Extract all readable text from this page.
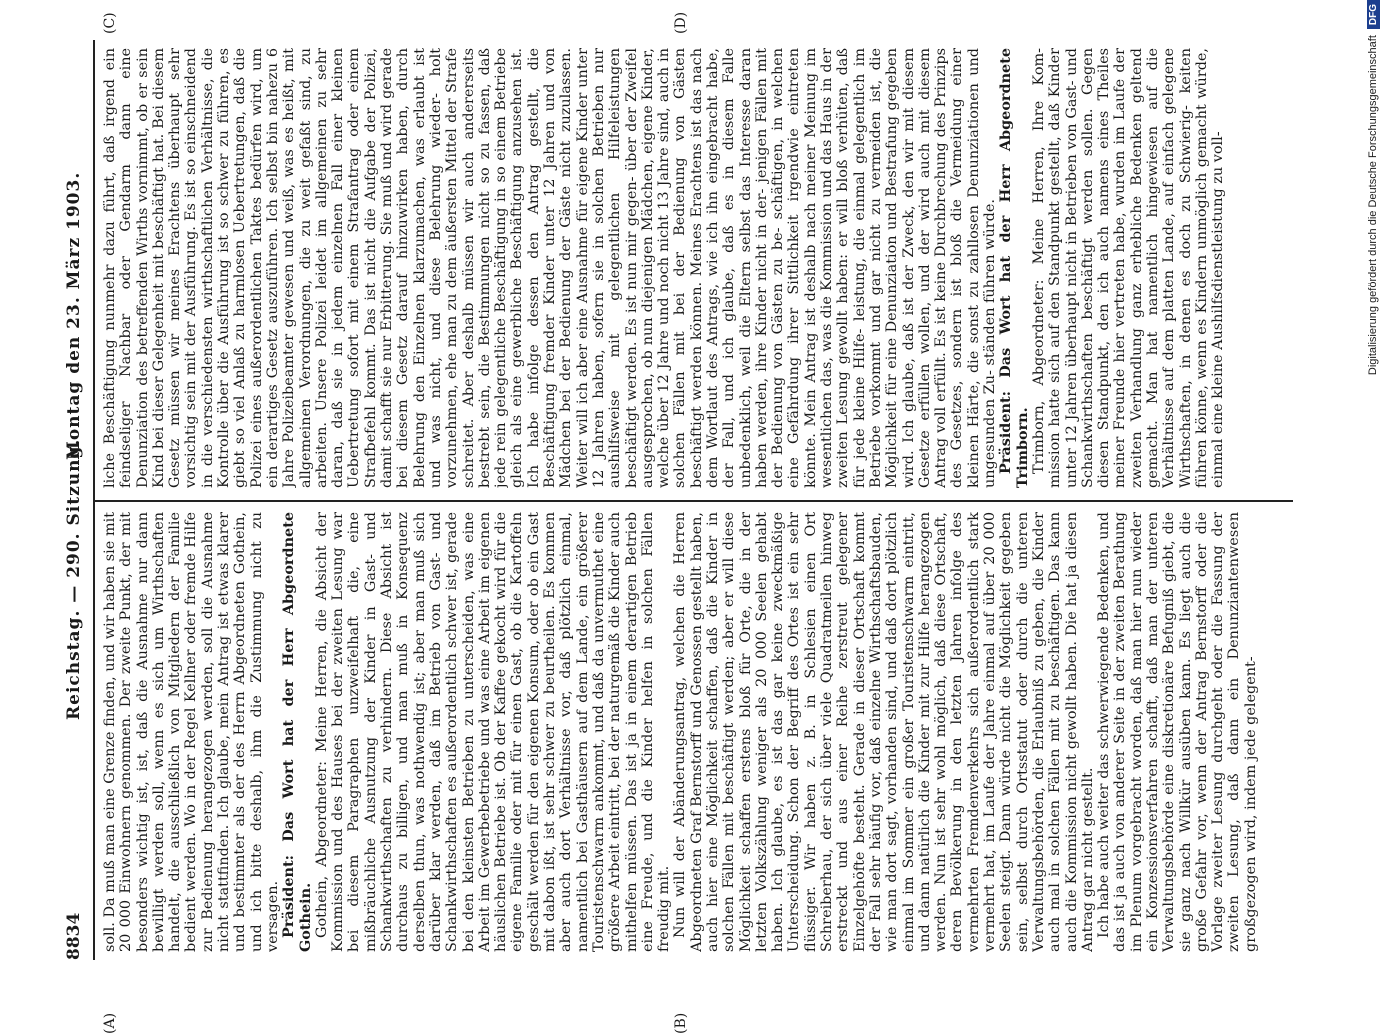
8834
Reichstag. — 290. Sitzung.
Montag den 23. März 1903.
(A)	(B)
(C)	(D)

soll. Da muß man eine Grenze finden, und wir haben sie mit 20 000 Einwohnern genommen. Der zweite Punkt, der mit besonders wichtig ist, ist, daß die Ausnahme nur dann bewilligt werden soll, wenn es sich um Wirthschaften handelt, die ausschließlich von Mitgliedern der Familie bedient werden. Wo in der Regel Kellner oder fremde Hilfe zur Bedienung herangezogen werden, soll die Ausnahme nicht stattfinden. Ich glaube, mein Antrag ist etwas klarer und bestimmter als der des Herrn Abgeordneten Gothein, und ich bitte deshalb, ihm die Zustimmung nicht zu versagen. Präsident: Das Wort hat der Herr Abgeordnete Gothein. Gothein, Abgeordneter: Meine Herren, die Absicht der Kommission und des Hauses bei der zweiten Lesung war bei diesem Paragraphen unzweifelhaft die, eine mißbräuchliche Ausnutzung der Kinder in Gast- und Schankwirthschaften zu verhindern. Diese Absicht ist durchaus zu billigen, und man muß in Konsequenz derselben thun, was nothwendig ist; aber man muß sich darüber klar werden, daß im Betrieb von Gast- und Schankwirthschaften es außerordentlich schwer ist, gerade bei den kleinsten Betrieben zu unterscheiden, was eine Arbeit im Gewerbebetriebe und was eine Arbeit im eigenen häuslichen Betriebe ist. Ob der Kaffee gekocht wird für die eigene Familie oder mit für einen Gast, ob die Kartoffeln geschält werden für den eigenen Konsum, oder ob ein Gast mit dabon ißt, ist sehr schwer zu beurtheilen. Es kommen aber auch dort Verhältnisse vor, daß plötzlich einmal, namentlich bei Gasthäusern auf dem Lande, ein größerer Touristenschwarm ankommt, und daß da unvermuthet eine größere Arbeit eintritt, bei der naturgemäß die Kinder auch mithelfen müssen. Das ist ja in einem derartigen Betrieb eine Freude, und die Kinder helfen in solchen Fällen freudig mit. Nun will der Abänderungsantrag, welchen die Herren Abgeordneten Graf Bernstorff und Genossen gestellt haben, auch hier eine Möglichkeit schaffen, daß die Kinder in solchen Fällen mit beschäftigt werden; aber er will diese Möglichkeit schaffen erstens bloß für Orte, die in der letzten Volkszählung weniger als 20 000 Seelen gehabt haben. Ich glaube, es ist das gar keine zweckmäßige Unterscheidung. Schon der Begriff des Ortes ist ein sehr flüssiger. Wir haben z. B. in Schlesien einen Ort Schreiberhau, der sich über viele Quadratmeilen hinweg erstreckt und aus einer Reihe zerstreut gelegener Einzelgehöfte besteht. Gerade in dieser Ortschaft kommt der Fall sehr häufig vor, daß einzelne Wirthschaftsbauden, wie man dort sagt, vorhanden sind, und daß dort plötzlich einmal im Sommer ein großer Touristenschwarm eintritt, und dann natürlich die Kinder mit zur Hilfe herangezogen werden. Nun ist sehr wohl möglich, daß diese Ortschaft, deren Bevölkerung in den letzten Jahren infolge des vermehrten Fremdenverkehrs sich außerordentlich stark vermehrt hat, im Laufe der Jahre einmal auf über 20 000 Seelen steigt. Dann würde nicht die Möglichkeit gegeben sein, selbst durch Ortsstatut oder durch die unteren Verwaltungsbehörden, die Erlaubniß zu geben, die Kinder auch mal in solchen Fällen mit zu beschäftigen. Das kann auch die Kommission nicht gewollt haben. Die hat ja diesen Antrag gar nicht gestellt. Ich habe auch weiter das schwerwiegende Bedenken, und das ist ja auch von anderer Seite in der zweiten Berathung im Plenum vorgebracht worden, daß man hier nun wieder ein Konzessionsverfahren schafft, daß man der unteren Verwaltungsbehörde eine diskretionäre Befugniß giebt, die sie ganz nach Willkür ausüben kann. Es liegt auch die große Gefahr vor, wenn der Antrag Bernstorff oder die Vorlage zweiter Lesung durchgeht oder die Fassung der zweiten Lesung, daß dann ein Denunziantenwesen großgezogen wird, indem jede gelegent-

liche Beschäftigung nunmehr dazu führt, daß irgend ein feindseliger Nachbar oder Gendarm dann eine Denunziation des betreffenden Wirths vornimmt, ob er sein Kind bei dieser Gelegenheit mit beschäftigt hat. Bei diesem Gesetz müssen wir meines Erachtens überhaupt sehr vorsichtig sein mit der Ausführung. Es ist so einschneidend in die verschiedensten wirthschaftlichen Verhältnisse, die Kontrolle über die Ausführung ist so schwer zu führen, es giebt so viel Anlaß zu harmlosen Uebertretungen, daß die Polizei eines außerordentlichen Taktes bedürfen wird, um ein derartiges Gesetz auszuführen. Ich selbst bin nahezu 6 Jahre Polizeibeamter gewesen und weiß, was es heißt, mit allgemeinen Verordnungen, die zu weit gefaßt sind, zu arbeiten. Unsere Polizei leidet im allgemeinen zu sehr daran, daß sie in jedem einzelnen Fall einer kleinen Uebertretung sofort mit einem Strafantrag oder einem Strafbefehl kommt. Das ist nicht die Aufgabe der Polizei, damit schafft sie nur Erbitterung. Sie muß und wird gerade bei diesem Gesetz darauf hinzuwirken haben, durch Belehrung den Einzelnen klarzumachen, was erlaubt ist und was nicht, und diese Belehrung wieder- holt vorzunehmen, ehe man zu dem äußersten Mittel der Strafe schreitet. Aber deshalb müssen wir auch andererseits bestrebt sein, die Bestimmungen nicht so zu fassen, daß jede rein gelegentliche Beschäftigung in so einem Betriebe gleich als eine gewerbliche Beschäftigung anzusehen ist. Ich habe infolge dessen den Antrag gestellt, die Beschäftigung fremder Kinder unter 12 Jahren und von Mädchen bei der Bedienung der Gäste nicht zuzulassen. Weiter will ich aber eine Ausnahme für eigene Kinder unter 12 Jahren haben, sofern sie in solchen Betrieben nur aushilfsweise mit gelegentlichen Hilfeleistungen beschäftigt werden. Es ist nun mir gegen- über der Zweifel ausgesprochen, ob nun diejenigen Mädchen, eigene Kinder, welche über 12 Jahre und noch nicht 13 Jahre sind, auch in solchen Fällen mit bei der Bedienung von Gästen beschäftigt werden können. Meines Erachtens ist das nach dem Wortlaut des Antrags, wie ich ihn eingebracht habe, der Fall, und ich glaube, daß es in diesem Falle unbedenklich, weil die Eltern selbst das Interesse daran haben werden, ihre Kinder nicht in der- jenigen Fällen mit der Bedienung von Gästen zu be- schäftigen, in welchen eine Gefährdung ihrer Sittlichkeit irgendwie eintreten könnte. Mein Antrag ist deshalb nach meiner Meinung im wesentlichen das, was die Kommission und das Haus in der zweiten Lesung gewollt haben: er will bloß verhüten, daß für jede kleine Hilfe- leistung, die einmal gelegentlich im Betriebe vorkommt und gar nicht zu vermeiden ist, die Möglichkeit für eine Denunziation und Bestrafung gegeben wird. Ich glaube, daß ist der Zweck, den wir mit diesem Gesetze erfüllen wollen, und der wird auch mit diesem Antrag voll erfüllt. Es ist keine Durchbrechung des Prinzips des Gesetzes, sondern ist bloß die Vermeidung einer kleinen Härte, die sonst zu zahllosen Denunziationen und ungesunden Zu- ständen führen würde. Präsident: Das Wort hat der Herr Abgeordnete Trimborn. Trimborn, Abgeordneter: Meine Herren, Ihre Kom- mission hatte sich auf den Standpunkt gestellt, daß Kinder unter 12 Jahren überhaupt nicht in Betrieben von Gast- und Schankwirthschaften beschäftigt werden sollen. Gegen diesen Standpunkt, den ich auch namens eines Theiles meiner Freunde hier vertreten habe, wurden im Laufe der zweiten Verhandlung ganz erhebliche Bedenken geltend gemacht. Man hat namentlich hingewiesen auf die Verhältnisse auf dem platten Lande, auf einfach gelegene Wirthschaften, in denen es doch zu Schwierig- keiten führen könne, wenn es Kindern unmöglich gemacht würde, einmal eine kleine Aushilfsdienstleistung zu voll-	Digitalisierung gefördert durch die Deutsche Forschungsgemeinschaft
DFG
